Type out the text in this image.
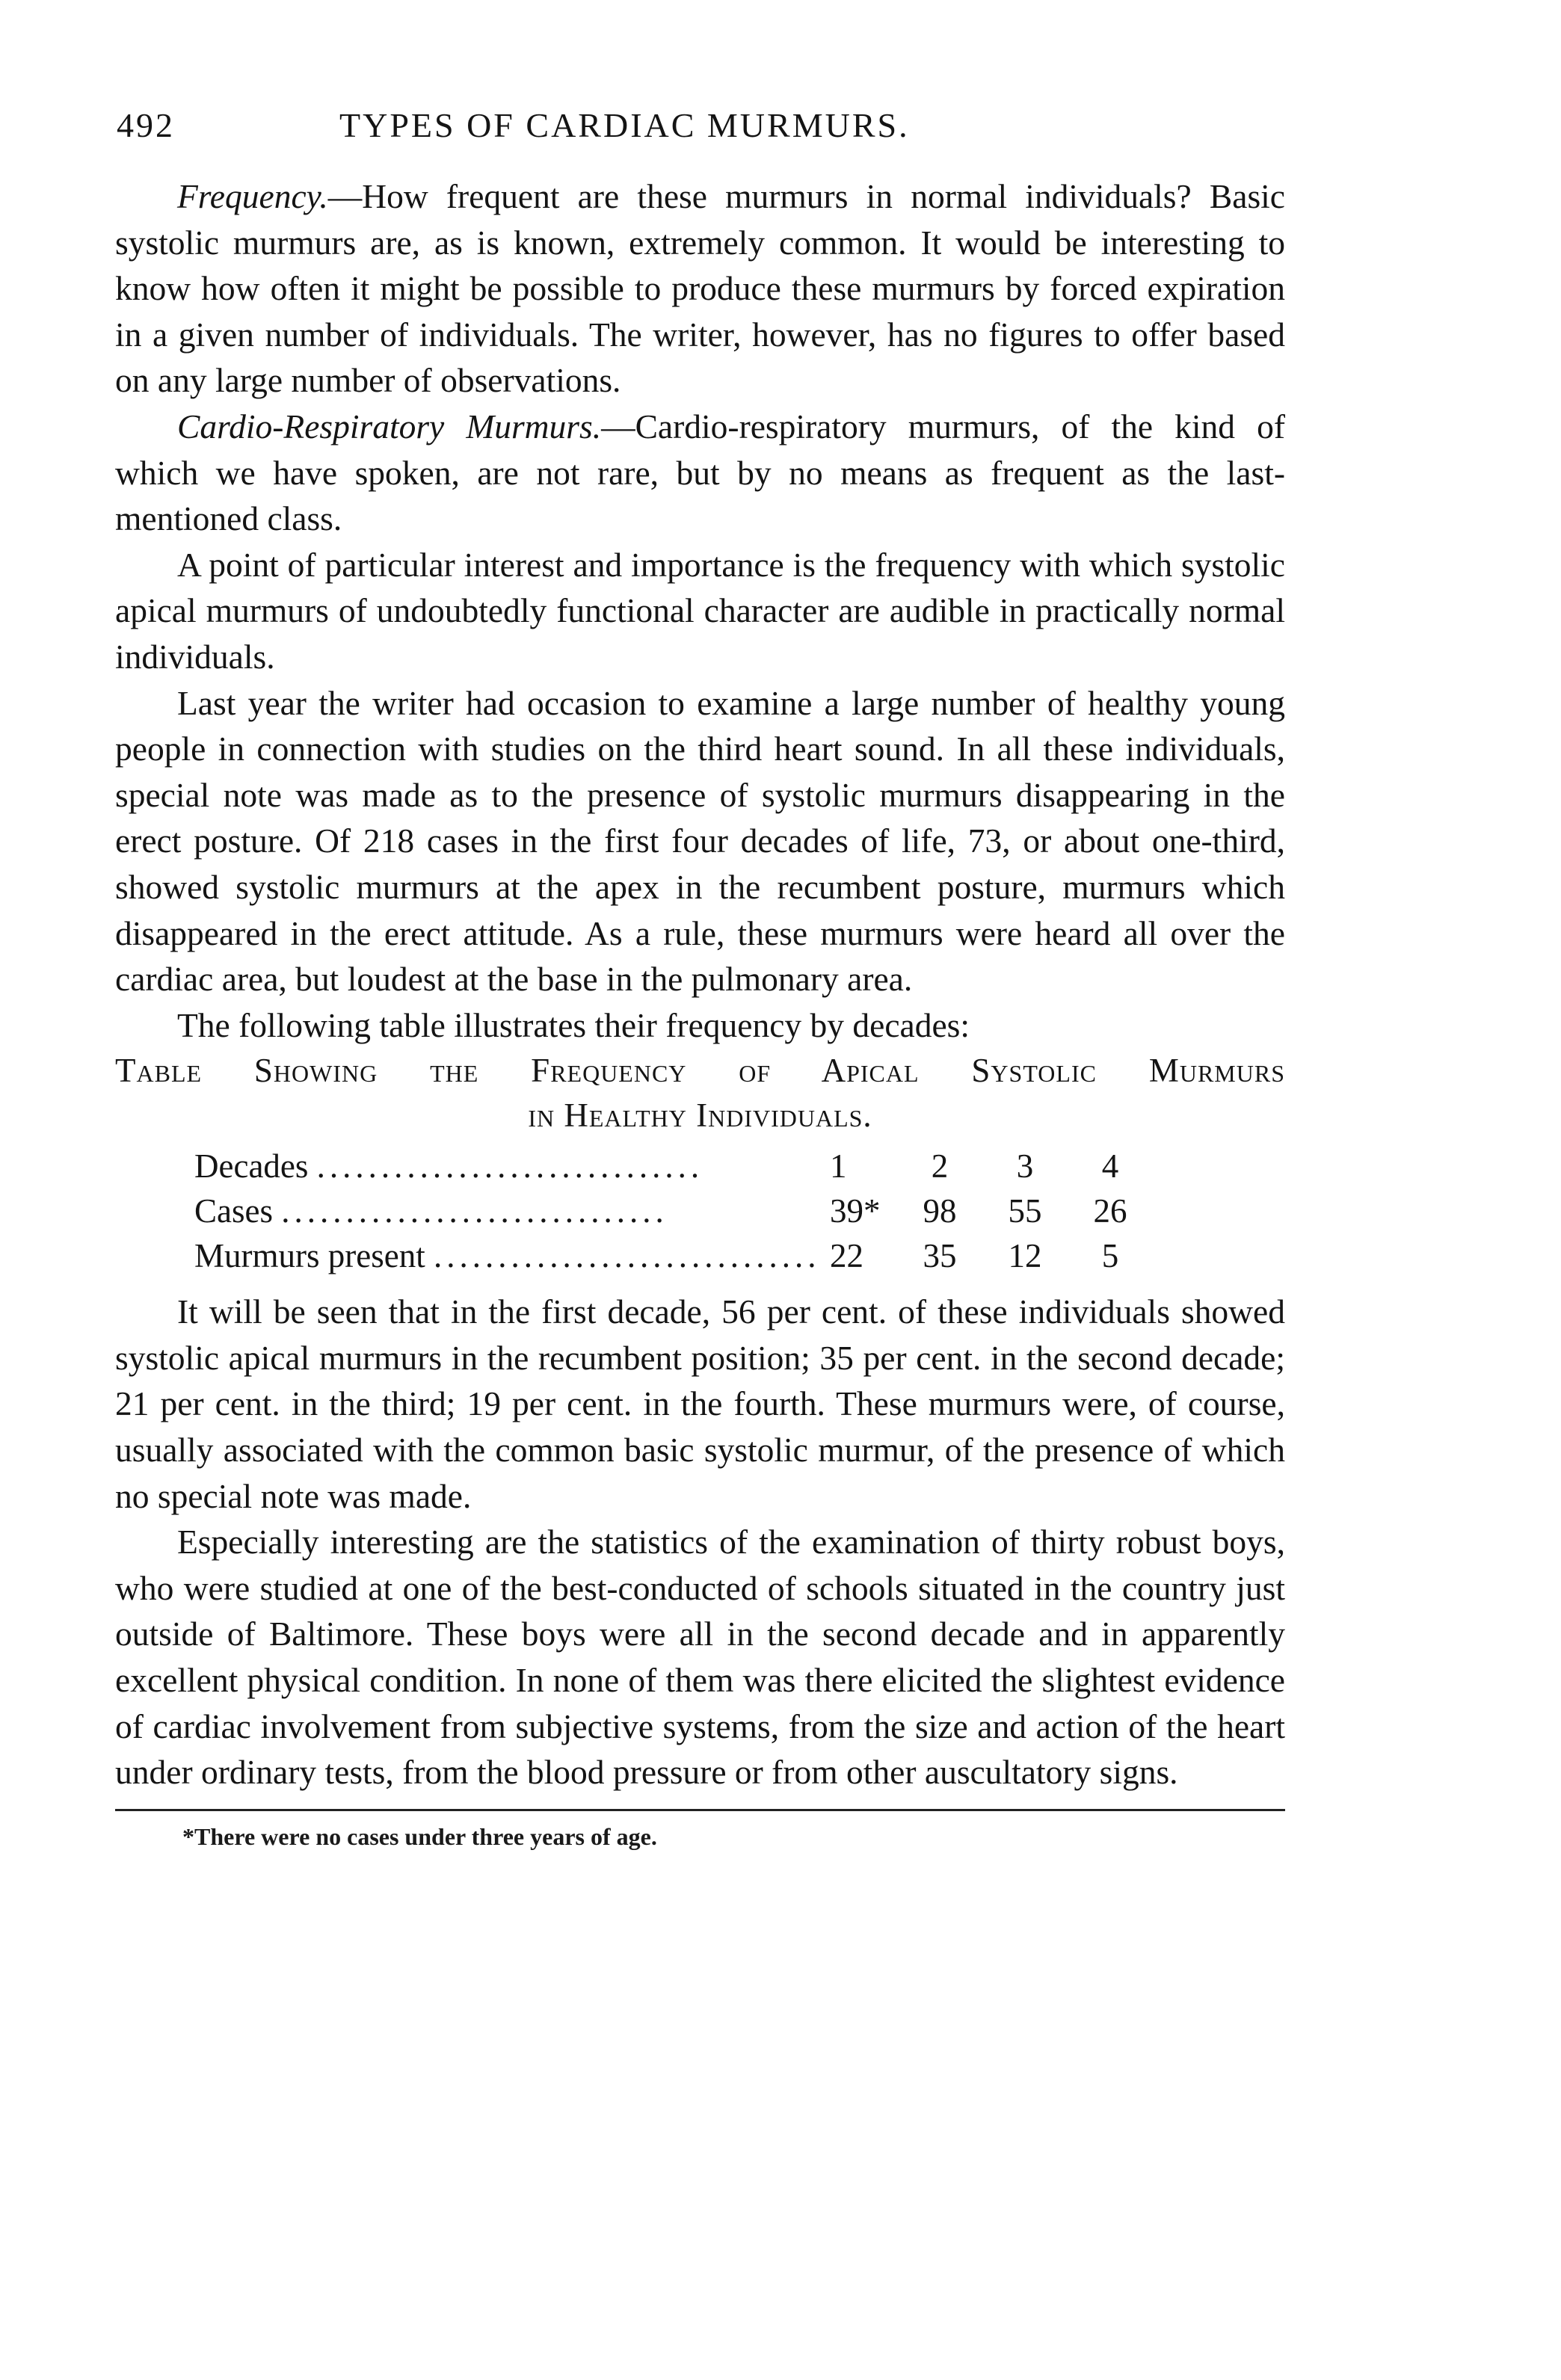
492	TYPES OF CARDIAC MURMURS.

Frequency.—How frequent are these murmurs in normal individuals? Basic systolic murmurs are, as is known, extremely common. It would be interesting to know how often it might be possible to produce these murmurs by forced expiration in a given number of individuals. The writer, however, has no figures to offer based on any large number of observations.

Cardio-Respiratory Murmurs.—Cardio-respiratory murmurs, of the kind of which we have spoken, are not rare, but by no means as frequent as the last-mentioned class.

A point of particular interest and importance is the frequency with which systolic apical murmurs of undoubtedly functional character are audible in practically normal individuals.

Last year the writer had occasion to examine a large number of healthy young people in connection with studies on the third heart sound. In all these individuals, special note was made as to the presence of systolic murmurs disappearing in the erect posture. Of 218 cases in the first four decades of life, 73, or about one-third, showed systolic murmurs at the apex in the recumbent posture, murmurs which disappeared in the erect attitude. As a rule, these murmurs were heard all over the cardiac area, but loudest at the base in the pulmonary area.

The following table illustrates their frequency by decades:

Table Showing the Frequency of Apical Systolic Murmurs

in Healthy Individuals.

Decades ..............................	1	2	3	4
Cases ..............................	39*	98	55	26
Murmurs present ..............................	22	35	12	5

It will be seen that in the first decade, 56 per cent. of these individuals showed systolic apical murmurs in the recumbent position; 35 per cent. in the second decade; 21 per cent. in the third; 19 per cent. in the fourth. These murmurs were, of course, usually associated with the common basic systolic murmur, of the presence of which no special note was made.

Especially interesting are the statistics of the examination of thirty robust boys, who were studied at one of the best-conducted of schools situated in the country just outside of Baltimore. These boys were all in the second decade and in apparently excellent physical condition. In none of them was there elicited the slightest evidence of cardiac involvement from subjective systems, from the size and action of the heart under ordinary tests, from the blood pressure or from other auscultatory signs.

*There were no cases under three years of age.
